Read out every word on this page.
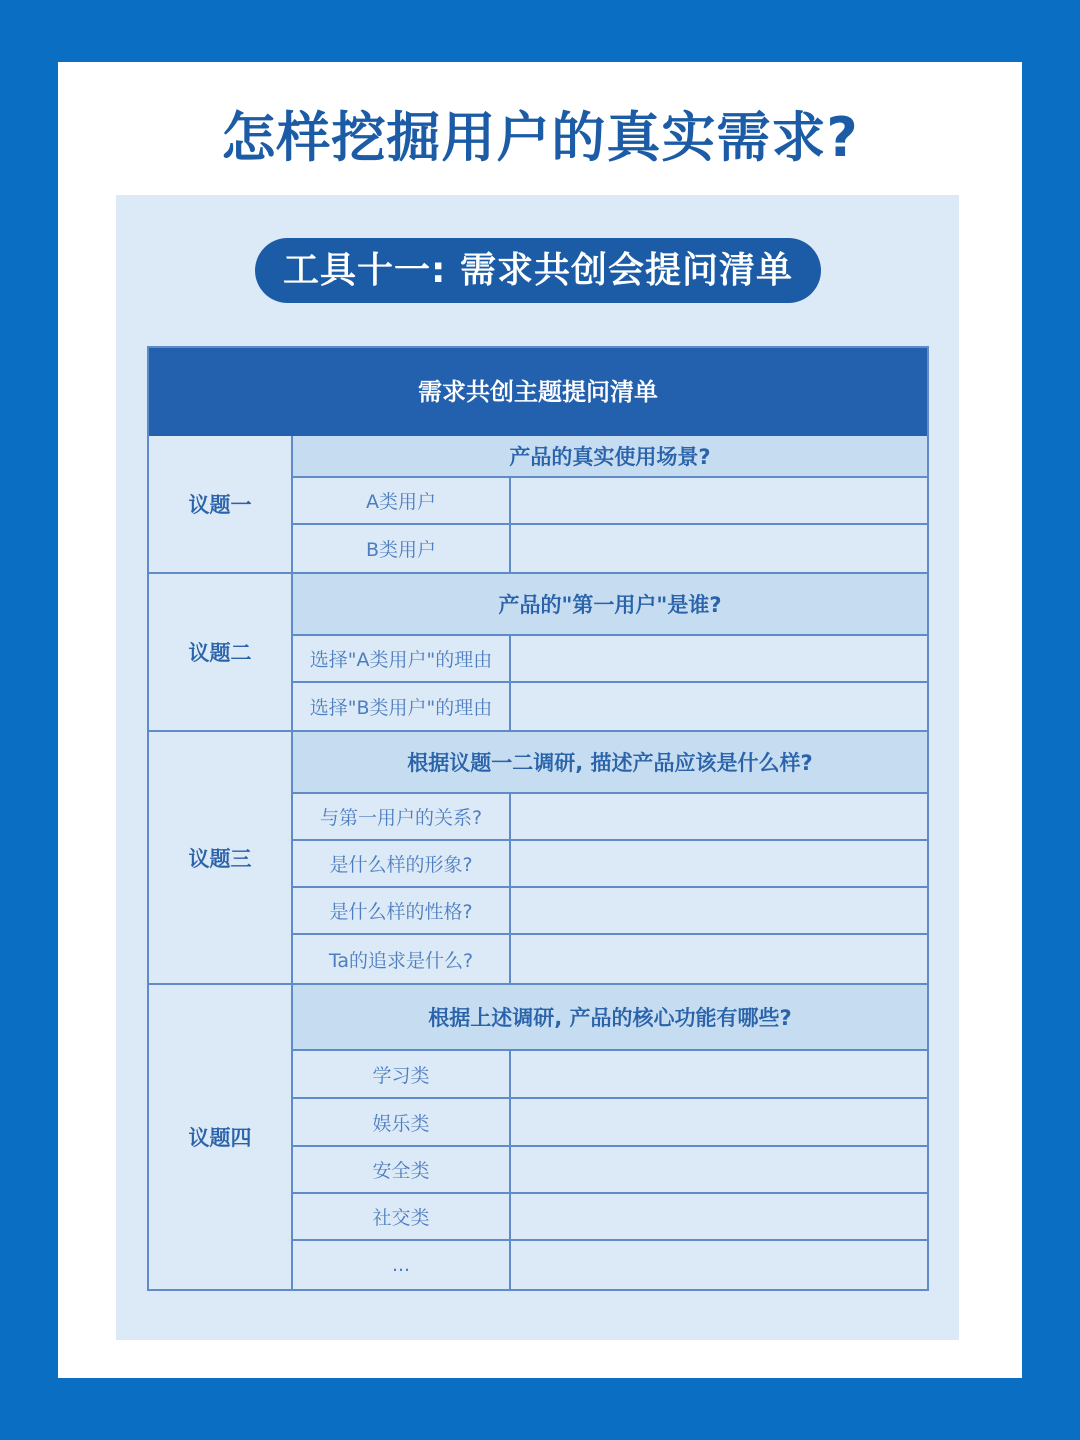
怎样挖掘用户的真实需求?
工具十一: 需求共创会提问清单
需求共创主题提问清单
议题一
产品的真实使用场景?
A类用户
B类用户
议题二
产品的"第一用户"是谁?
选择"A类用户"的理由
选择"B类用户"的理由
议题三
根据议题一二调研, 描述产品应该是什么样?
与第一用户的关系?
是什么样的形象?
是什么样的性格?
Ta的追求是什么?
议题四
根据上述调研, 产品的核心功能有哪些?
学习类
娱乐类
安全类
社交类
...
